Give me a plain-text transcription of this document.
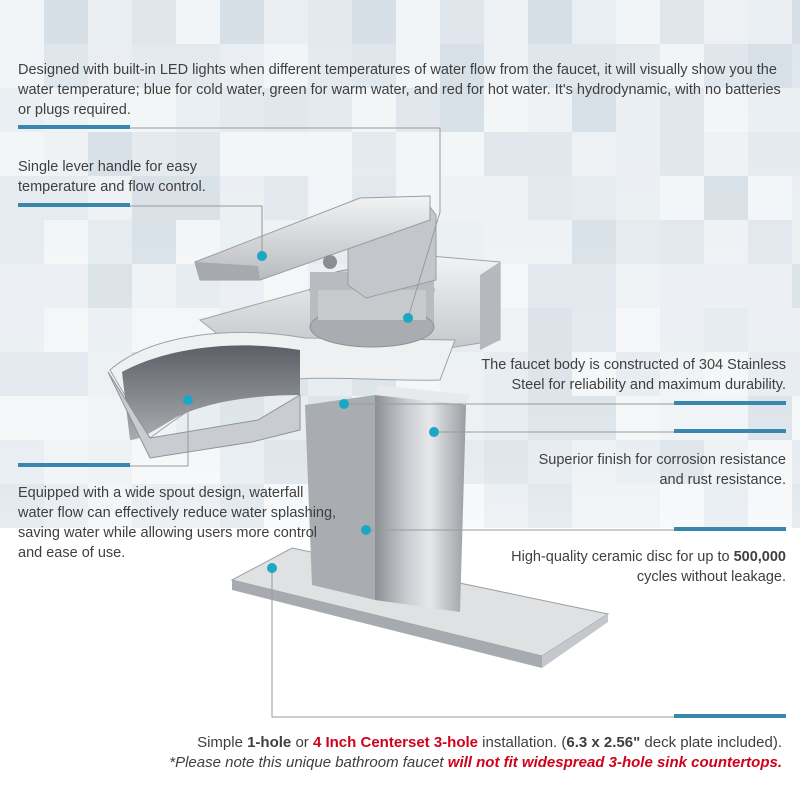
Designed with built-in LED lights when different temperatures of water flow from the faucet, it will visually show you the water temperature; blue for cold water, green for warm water, and red for hot water. It's hydrodynamic, with no batteries or plugs required.
Single lever handle for easy
temperature and flow control.
The faucet body is constructed of 304 Stainless
Steel for reliability and maximum durability.
Superior finish for corrosion resistance
and rust resistance.
Equipped with a wide spout design, waterfall
water flow can effectively reduce water splashing,
saving water while allowing users more control
and ease of use.	High-quality ceramic disc for up to 500,000
cycles without leakage.
Simple 1-hole or 4 Inch Centerset 3-hole installation. (6.3 x 2.56" deck plate included).
*Please note this unique bathroom faucet will not fit widespread 3-hole sink countertops.
